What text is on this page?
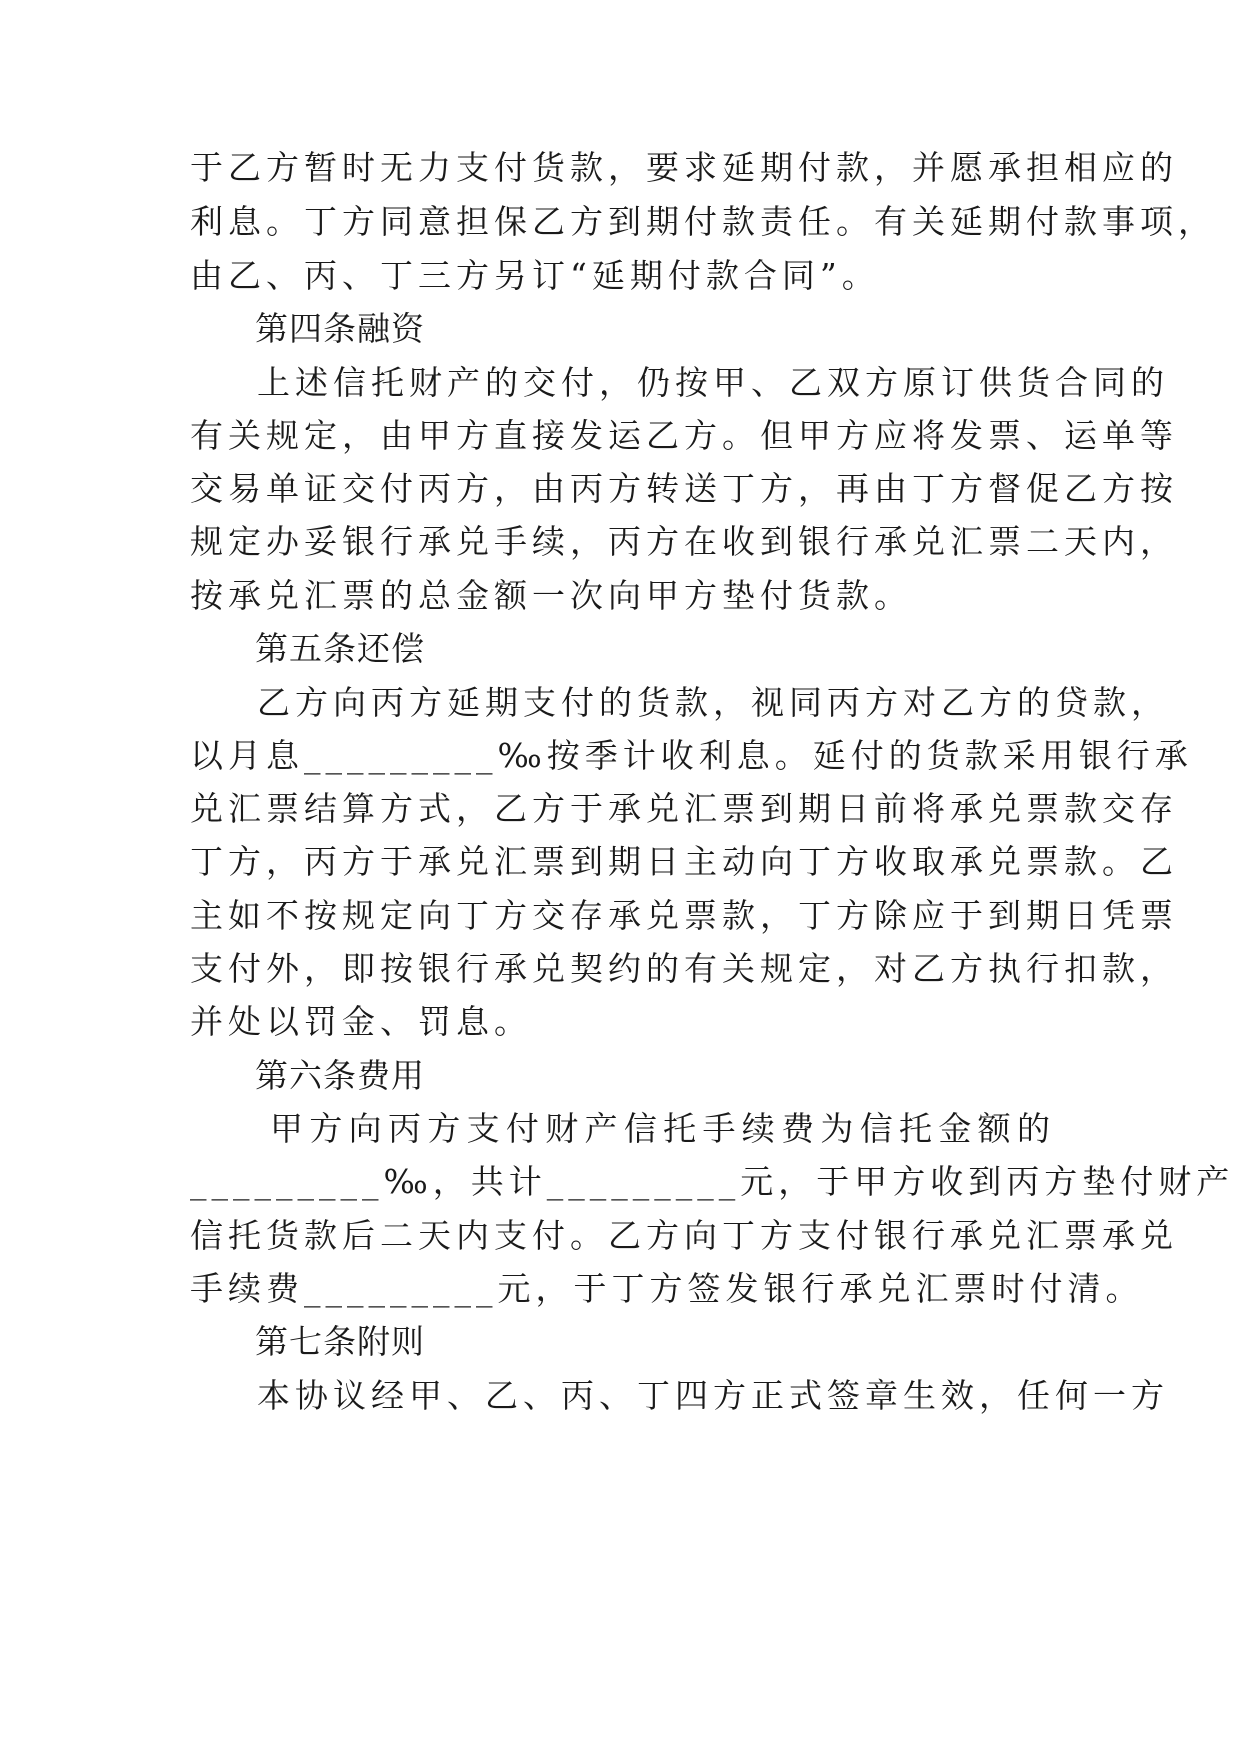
于乙方暂时无力支付货款，要求延期付款，并愿承担相应的
利息。丁方同意担保乙方到期付款责任。有关延期付款事项，
由乙、丙、丁三方另订“延期付款合同”。
第四条融资
上述信托财产的交付，仍按甲、乙双方原订供货合同的
有关规定，由甲方直接发运乙方。但甲方应将发票、运单等
交易单证交付丙方，由丙方转送丁方，再由丁方督促乙方按
规定办妥银行承兑手续，丙方在收到银行承兑汇票二天内，
按承兑汇票的总金额一次向甲方垫付货款。
第五条还偿
乙方向丙方延期支付的货款，视同丙方对乙方的贷款，
以月息_________‰按季计收利息。延付的货款采用银行承
兑汇票结算方式，乙方于承兑汇票到期日前将承兑票款交存
丁方，丙方于承兑汇票到期日主动向丁方收取承兑票款。乙
主如不按规定向丁方交存承兑票款，丁方除应于到期日凭票
支付外，即按银行承兑契约的有关规定，对乙方执行扣款，
并处以罚金、罚息。
第六条费用
甲方向丙方支付财产信托手续费为信托金额的
_________‰，共计_________元，于甲方收到丙方垫付财产
信托货款后二天内支付。乙方向丁方支付银行承兑汇票承兑
手续费_________元，于丁方签发银行承兑汇票时付清。
第七条附则
本协议经甲、乙、丙、丁四方正式签章生效，任何一方
